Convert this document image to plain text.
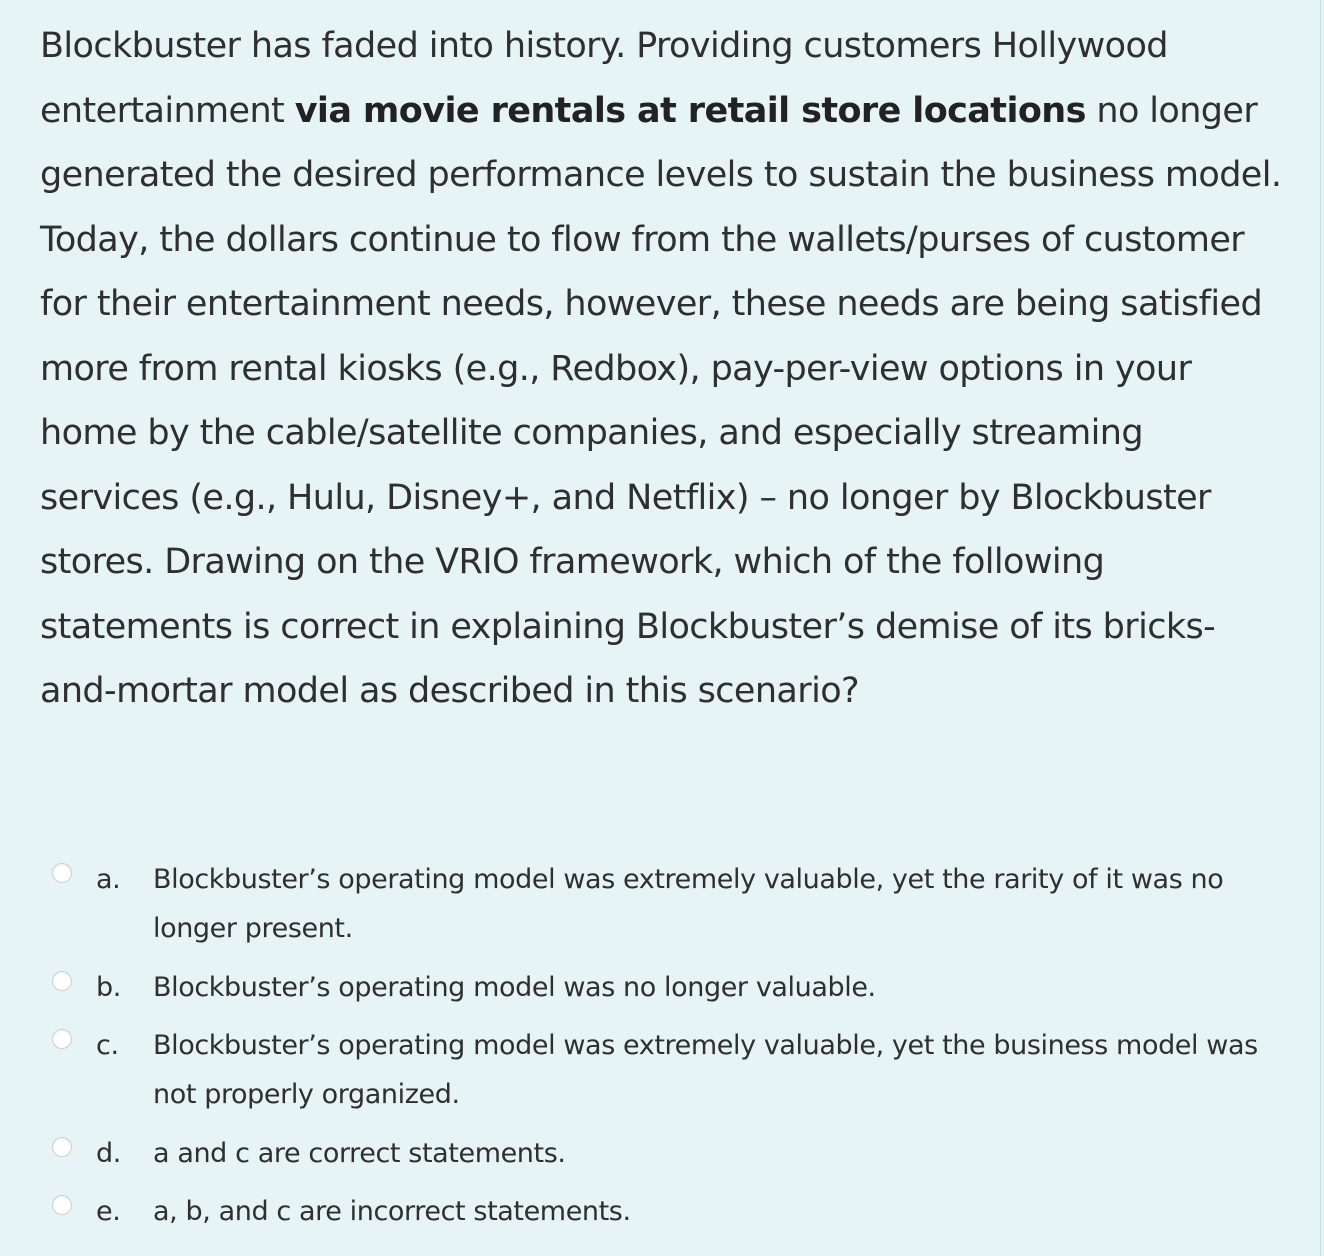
Blockbuster has faded into history. Providing customers Hollywood entertainment via movie rentals at retail store locations no longer generated the desired performance levels to sustain the business model. Today, the dollars continue to flow from the wallets/purses of customer for their entertainment needs, however, these needs are being satisfied more from rental kiosks (e.g., Redbox), pay-per-view options in your home by the cable/satellite companies, and especially streaming services (e.g., Hulu, Disney+, and Netflix) – no longer by Blockbuster stores. Drawing on the VRIO framework, which of the following statements is correct in explaining Blockbuster’s demise of its bricks-and-mortar model as described in this scenario?

a.	Blockbuster’s operating model was extremely valuable, yet the rarity of it was no longer present.
b.	Blockbuster’s operating model was no longer valuable.
c.	Blockbuster’s operating model was extremely valuable, yet the business model was not properly organized.
d.	a and c are correct statements.
e.	a, b, and c are incorrect statements.
